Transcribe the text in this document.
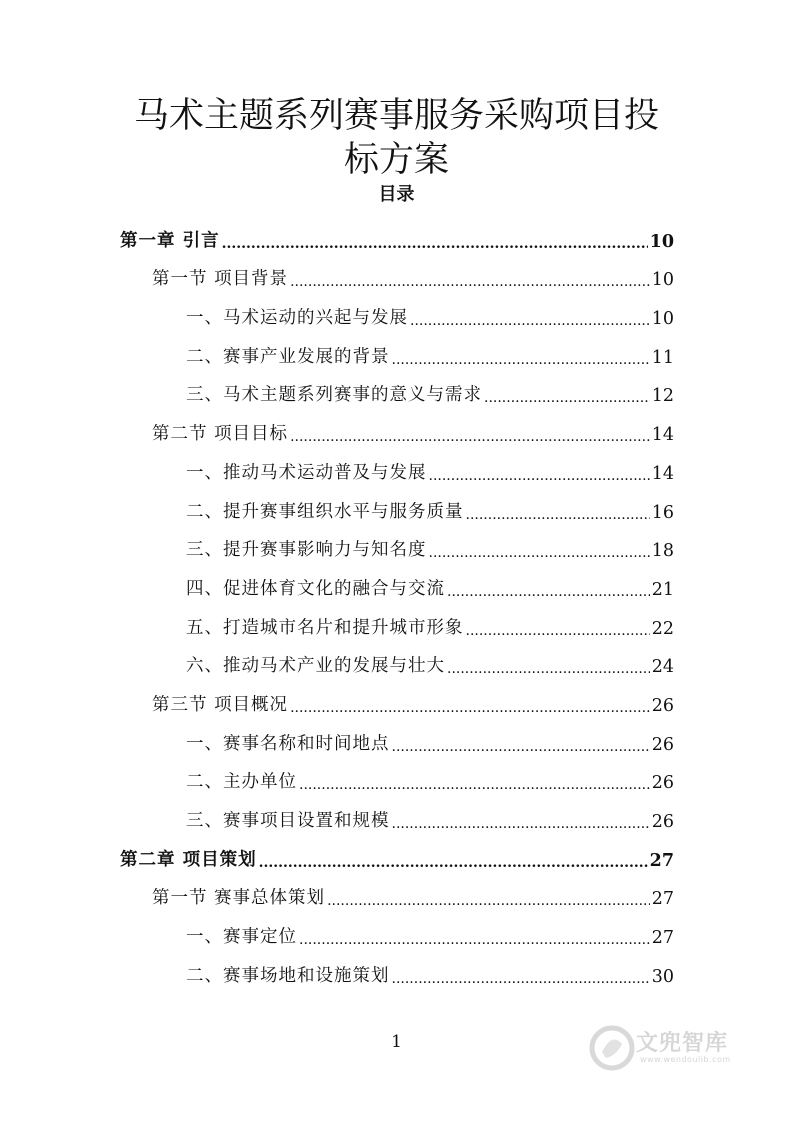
马术主题系列赛事服务采购项目投
标方案
目录
第一章 引言 .....	10
第一节 项目背景 .....	10
一、马术运动的兴起与发展 .....	10
二、赛事产业发展的背景 .....	11
三、马术主题系列赛事的意义与需求 .....	12
第二节 项目目标 .....	14
一、推动马术运动普及与发展 .....	14
二、提升赛事组织水平与服务质量 .....	16
三、提升赛事影响力与知名度 .....	18
四、促进体育文化的融合与交流 .....	21
五、打造城市名片和提升城市形象 .....	22
六、推动马术产业的发展与壮大 .....	24
第三节 项目概况 .....	26
一、赛事名称和时间地点 .....	26
二、主办单位 .....	26
三、赛事项目设置和规模 .....	26
第二章 项目策划 .....	27
第一节 赛事总体策划 .....	27
一、赛事定位 .....	27
二、赛事场地和设施策划 .....	30
1	文兜智库
www.wendoulib.com
